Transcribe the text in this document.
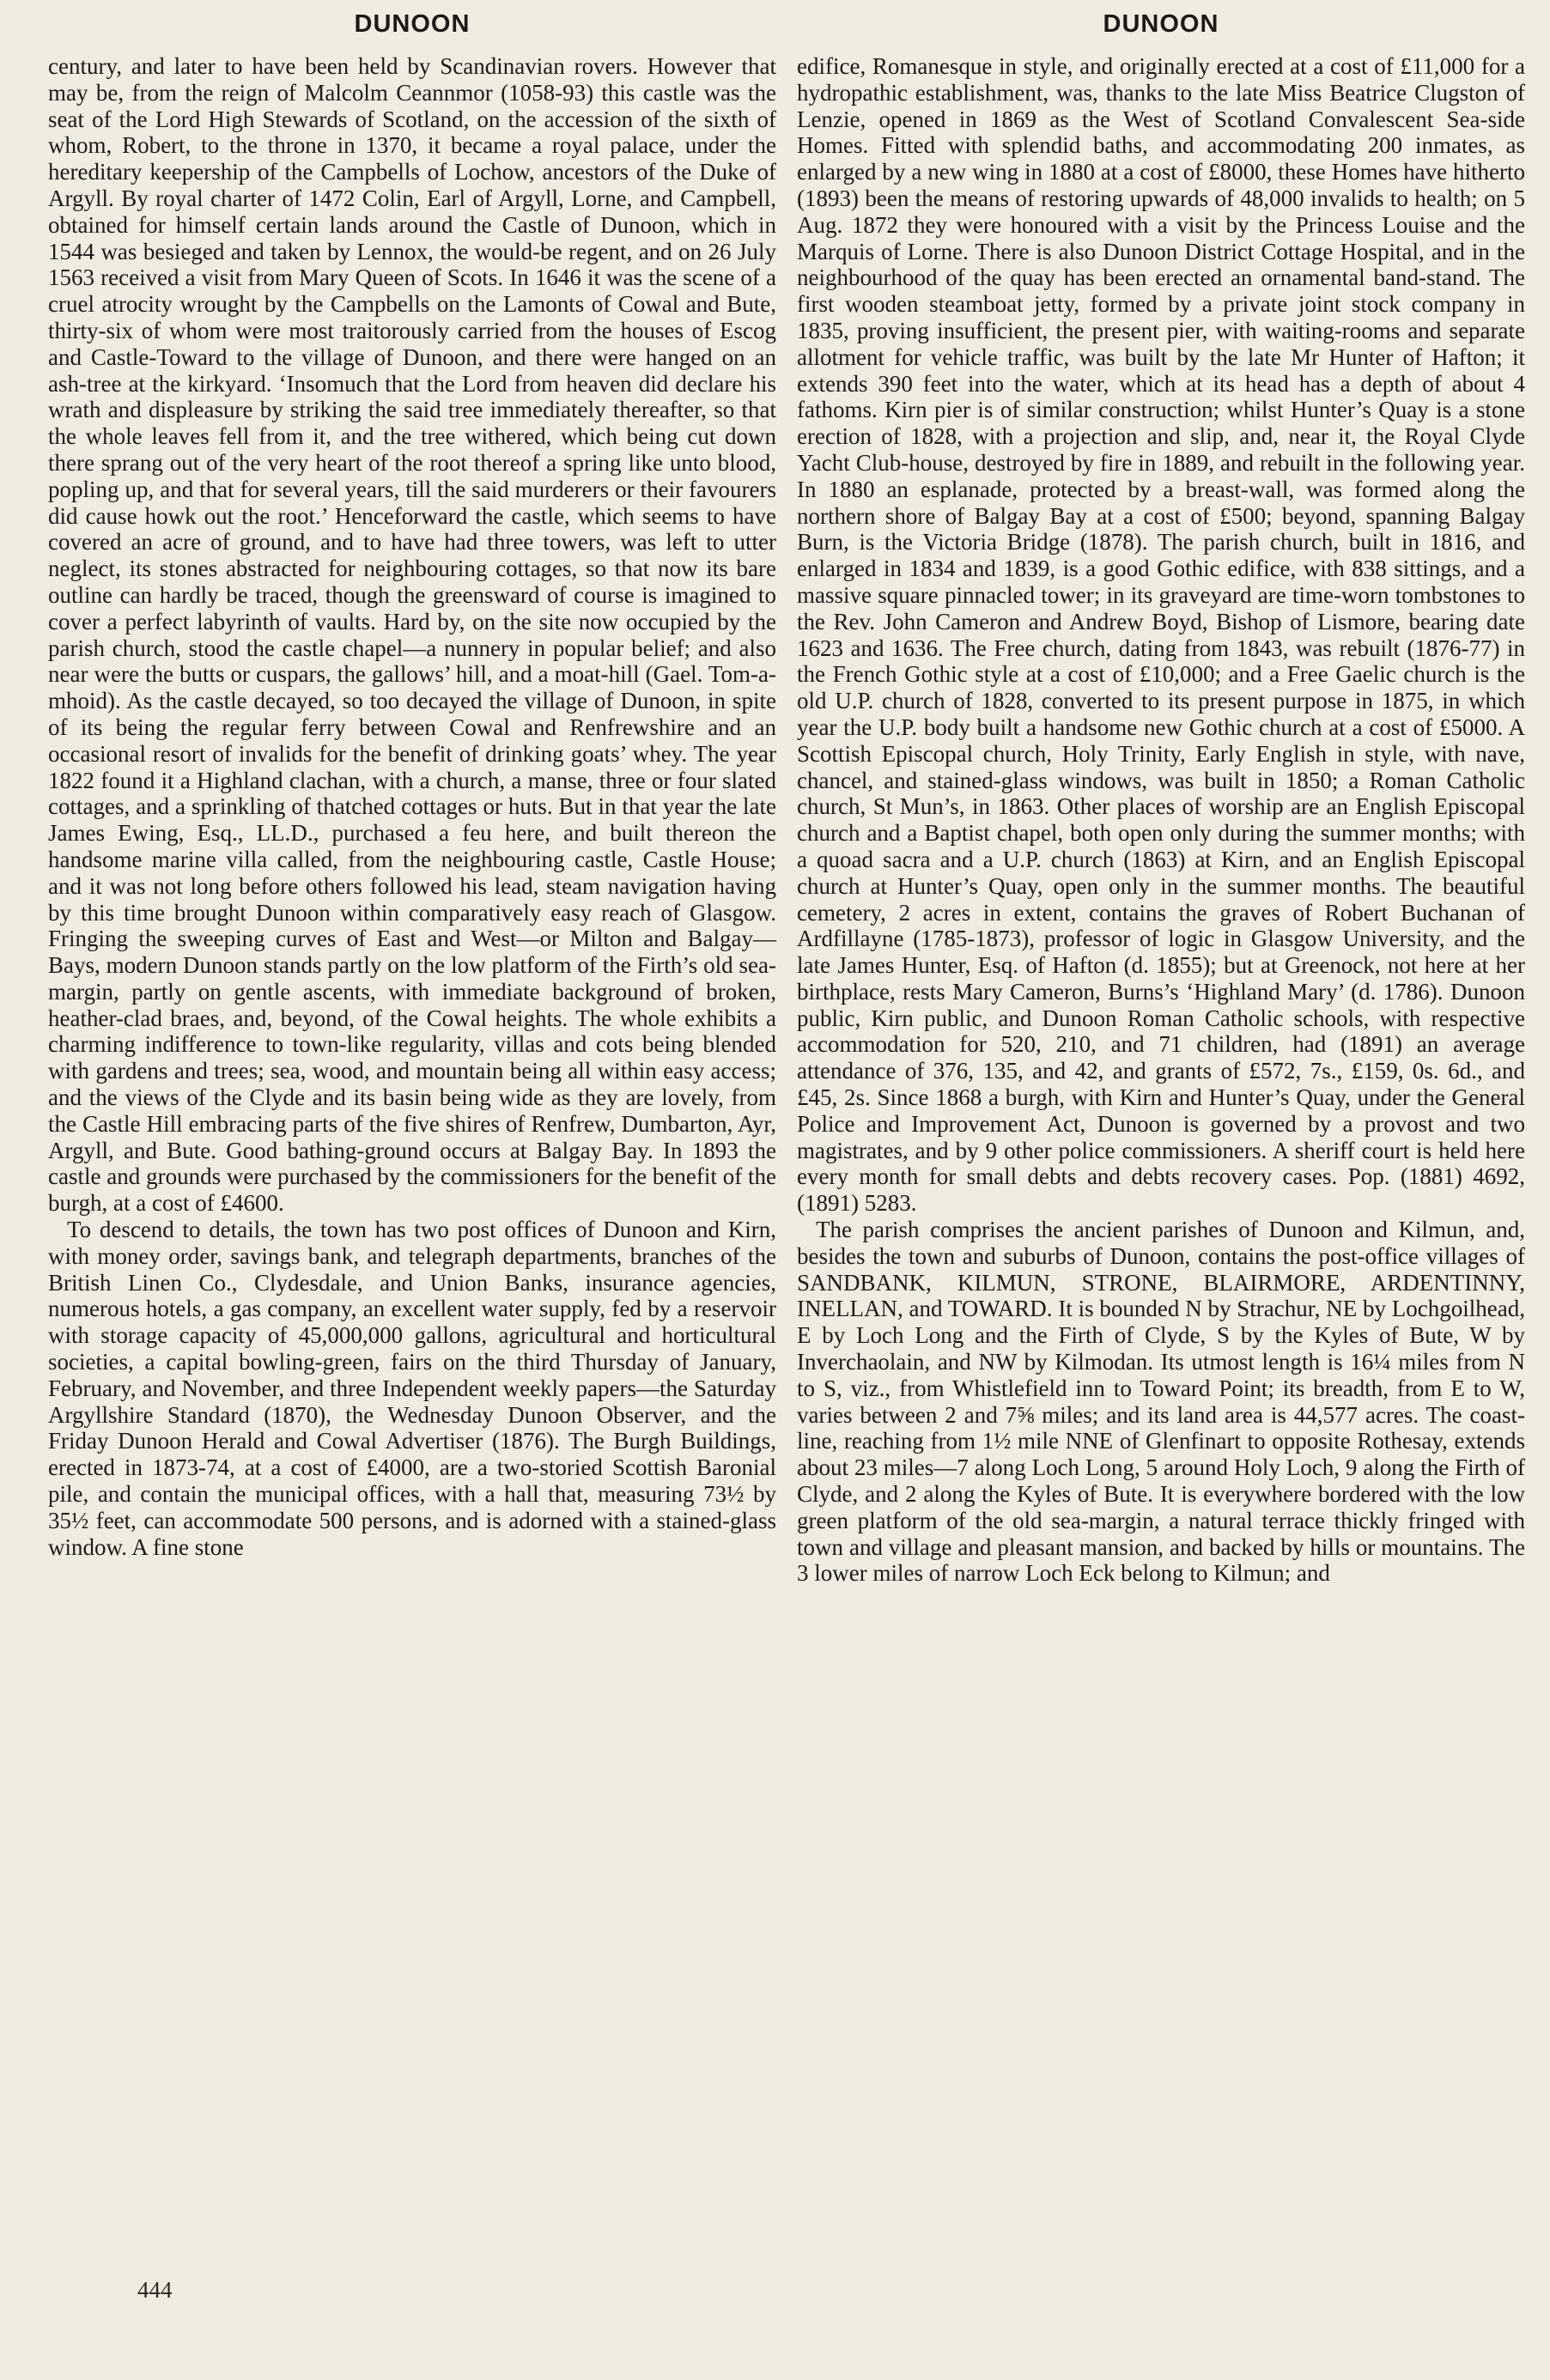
DUNOON	DUNOON

century, and later to have been held by Scandinavian rovers. However that may be, from the reign of Malcolm Ceannmor (1058-93) this castle was the seat of the Lord High Stewards of Scotland, on the accession of the sixth of whom, Robert, to the throne in 1370, it became a royal palace, under the hereditary keepership of the Campbells of Lochow, ancestors of the Duke of Argyll. By royal charter of 1472 Colin, Earl of Argyll, Lorne, and Campbell, obtained for himself certain lands around the Castle of Dunoon, which in 1544 was besieged and taken by Lennox, the would-be regent, and on 26 July 1563 received a visit from Mary Queen of Scots. In 1646 it was the scene of a cruel atrocity wrought by the Campbells on the Lamonts of Cowal and Bute, thirty-six of whom were most traitorously carried from the houses of Escog and Castle-Toward to the village of Dunoon, and there were hanged on an ash-tree at the kirkyard. ‘Insomuch that the Lord from heaven did declare his wrath and displeasure by striking the said tree immediately thereafter, so that the whole leaves fell from it, and the tree withered, which being cut down there sprang out of the very heart of the root thereof a spring like unto blood, popling up, and that for several years, till the said murderers or their favourers did cause howk out the root.’ Henceforward the castle, which seems to have covered an acre of ground, and to have had three towers, was left to utter neglect, its stones abstracted for neighbouring cottages, so that now its bare outline can hardly be traced, though the greensward of course is imagined to cover a perfect labyrinth of vaults. Hard by, on the site now occupied by the parish church, stood the castle chapel—a nunnery in popular belief; and also near were the butts or cuspars, the gallows’ hill, and a moat-hill (Gael. Tom-a-mhoid). As the castle decayed, so too decayed the village of Dunoon, in spite of its being the regular ferry between Cowal and Renfrewshire and an occasional resort of invalids for the benefit of drinking goats’ whey. The year 1822 found it a Highland clachan, with a church, a manse, three or four slated cottages, and a sprinkling of thatched cottages or huts. But in that year the late James Ewing, Esq., LL.D., purchased a feu here, and built thereon the handsome marine villa called, from the neighbouring castle, Castle House; and it was not long before others followed his lead, steam navigation having by this time brought Dunoon within comparatively easy reach of Glasgow. Fringing the sweeping curves of East and West—or Milton and Balgay—Bays, modern Dunoon stands partly on the low platform of the Firth’s old sea-margin, partly on gentle ascents, with immediate background of broken, heather-clad braes, and, beyond, of the Cowal heights. The whole exhibits a charming indifference to town-like regularity, villas and cots being blended with gardens and trees; sea, wood, and mountain being all within easy access; and the views of the Clyde and its basin being wide as they are lovely, from the Castle Hill embracing parts of the five shires of Renfrew, Dumbarton, Ayr, Argyll, and Bute. Good bathing-ground occurs at Balgay Bay. In 1893 the castle and grounds were purchased by the commissioners for the benefit of the burgh, at a cost of £4600.

To descend to details, the town has two post offices of Dunoon and Kirn, with money order, savings bank, and telegraph departments, branches of the British Linen Co., Clydesdale, and Union Banks, insurance agencies, numerous hotels, a gas company, an excellent water supply, fed by a reservoir with storage capacity of 45,000,000 gallons, agricultural and horticultural societies, a capital bowling-green, fairs on the third Thursday of January, February, and November, and three Independent weekly papers—the Saturday Argyllshire Standard (1870), the Wednesday Dunoon Observer, and the Friday Dunoon Herald and Cowal Advertiser (1876). The Burgh Buildings, erected in 1873-74, at a cost of £4000, are a two-storied Scottish Baronial pile, and contain the municipal offices, with a hall that, measuring 73½ by 35½ feet, can accommodate 500 persons, and is adorned with a stained-glass window. A fine stone

edifice, Romanesque in style, and originally erected at a cost of £11,000 for a hydropathic establishment, was, thanks to the late Miss Beatrice Clugston of Lenzie, opened in 1869 as the West of Scotland Convalescent Sea-side Homes. Fitted with splendid baths, and accommodating 200 inmates, as enlarged by a new wing in 1880 at a cost of £8000, these Homes have hitherto (1893) been the means of restoring upwards of 48,000 invalids to health; on 5 Aug. 1872 they were honoured with a visit by the Princess Louise and the Marquis of Lorne. There is also Dunoon District Cottage Hospital, and in the neighbourhood of the quay has been erected an ornamental band-stand. The first wooden steamboat jetty, formed by a private joint stock company in 1835, proving insufficient, the present pier, with waiting-rooms and separate allotment for vehicle traffic, was built by the late Mr Hunter of Hafton; it extends 390 feet into the water, which at its head has a depth of about 4 fathoms. Kirn pier is of similar construction; whilst Hunter’s Quay is a stone erection of 1828, with a projection and slip, and, near it, the Royal Clyde Yacht Club-house, destroyed by fire in 1889, and rebuilt in the following year. In 1880 an esplanade, protected by a breast-wall, was formed along the northern shore of Balgay Bay at a cost of £500; beyond, spanning Balgay Burn, is the Victoria Bridge (1878). The parish church, built in 1816, and enlarged in 1834 and 1839, is a good Gothic edifice, with 838 sittings, and a massive square pinnacled tower; in its graveyard are time-worn tombstones to the Rev. John Cameron and Andrew Boyd, Bishop of Lismore, bearing date 1623 and 1636. The Free church, dating from 1843, was rebuilt (1876-77) in the French Gothic style at a cost of £10,000; and a Free Gaelic church is the old U.P. church of 1828, converted to its present purpose in 1875, in which year the U.P. body built a handsome new Gothic church at a cost of £5000. A Scottish Episcopal church, Holy Trinity, Early English in style, with nave, chancel, and stained-glass windows, was built in 1850; a Roman Catholic church, St Mun’s, in 1863. Other places of worship are an English Episcopal church and a Baptist chapel, both open only during the summer months; with a quoad sacra and a U.P. church (1863) at Kirn, and an English Episcopal church at Hunter’s Quay, open only in the summer months. The beautiful cemetery, 2 acres in extent, contains the graves of Robert Buchanan of Ardfillayne (1785-1873), professor of logic in Glasgow University, and the late James Hunter, Esq. of Hafton (d. 1855); but at Greenock, not here at her birthplace, rests Mary Cameron, Burns’s ‘Highland Mary’ (d. 1786). Dunoon public, Kirn public, and Dunoon Roman Catholic schools, with respective accommodation for 520, 210, and 71 children, had (1891) an average attendance of 376, 135, and 42, and grants of £572, 7s., £159, 0s. 6d., and £45, 2s. Since 1868 a burgh, with Kirn and Hunter’s Quay, under the General Police and Improvement Act, Dunoon is governed by a provost and two magistrates, and by 9 other police commissioners. A sheriff court is held here every month for small debts and debts recovery cases. Pop. (1881) 4692, (1891) 5283.

The parish comprises the ancient parishes of Dunoon and Kilmun, and, besides the town and suburbs of Dunoon, contains the post-office villages of SANDBANK, KILMUN, STRONE, BLAIRMORE, ARDENTINNY, INELLAN, and TOWARD. It is bounded N by Strachur, NE by Lochgoilhead, E by Loch Long and the Firth of Clyde, S by the Kyles of Bute, W by Inverchaolain, and NW by Kilmodan. Its utmost length is 16¼ miles from N to S, viz., from Whistlefield inn to Toward Point; its breadth, from E to W, varies between 2 and 7⅝ miles; and its land area is 44,577 acres. The coast-line, reaching from 1½ mile NNE of Glenfinart to opposite Rothesay, extends about 23 miles—7 along Loch Long, 5 around Holy Loch, 9 along the Firth of Clyde, and 2 along the Kyles of Bute. It is everywhere bordered with the low green platform of the old sea-margin, a natural terrace thickly fringed with town and village and pleasant mansion, and backed by hills or mountains. The 3 lower miles of narrow Loch Eck belong to Kilmun; and

444
